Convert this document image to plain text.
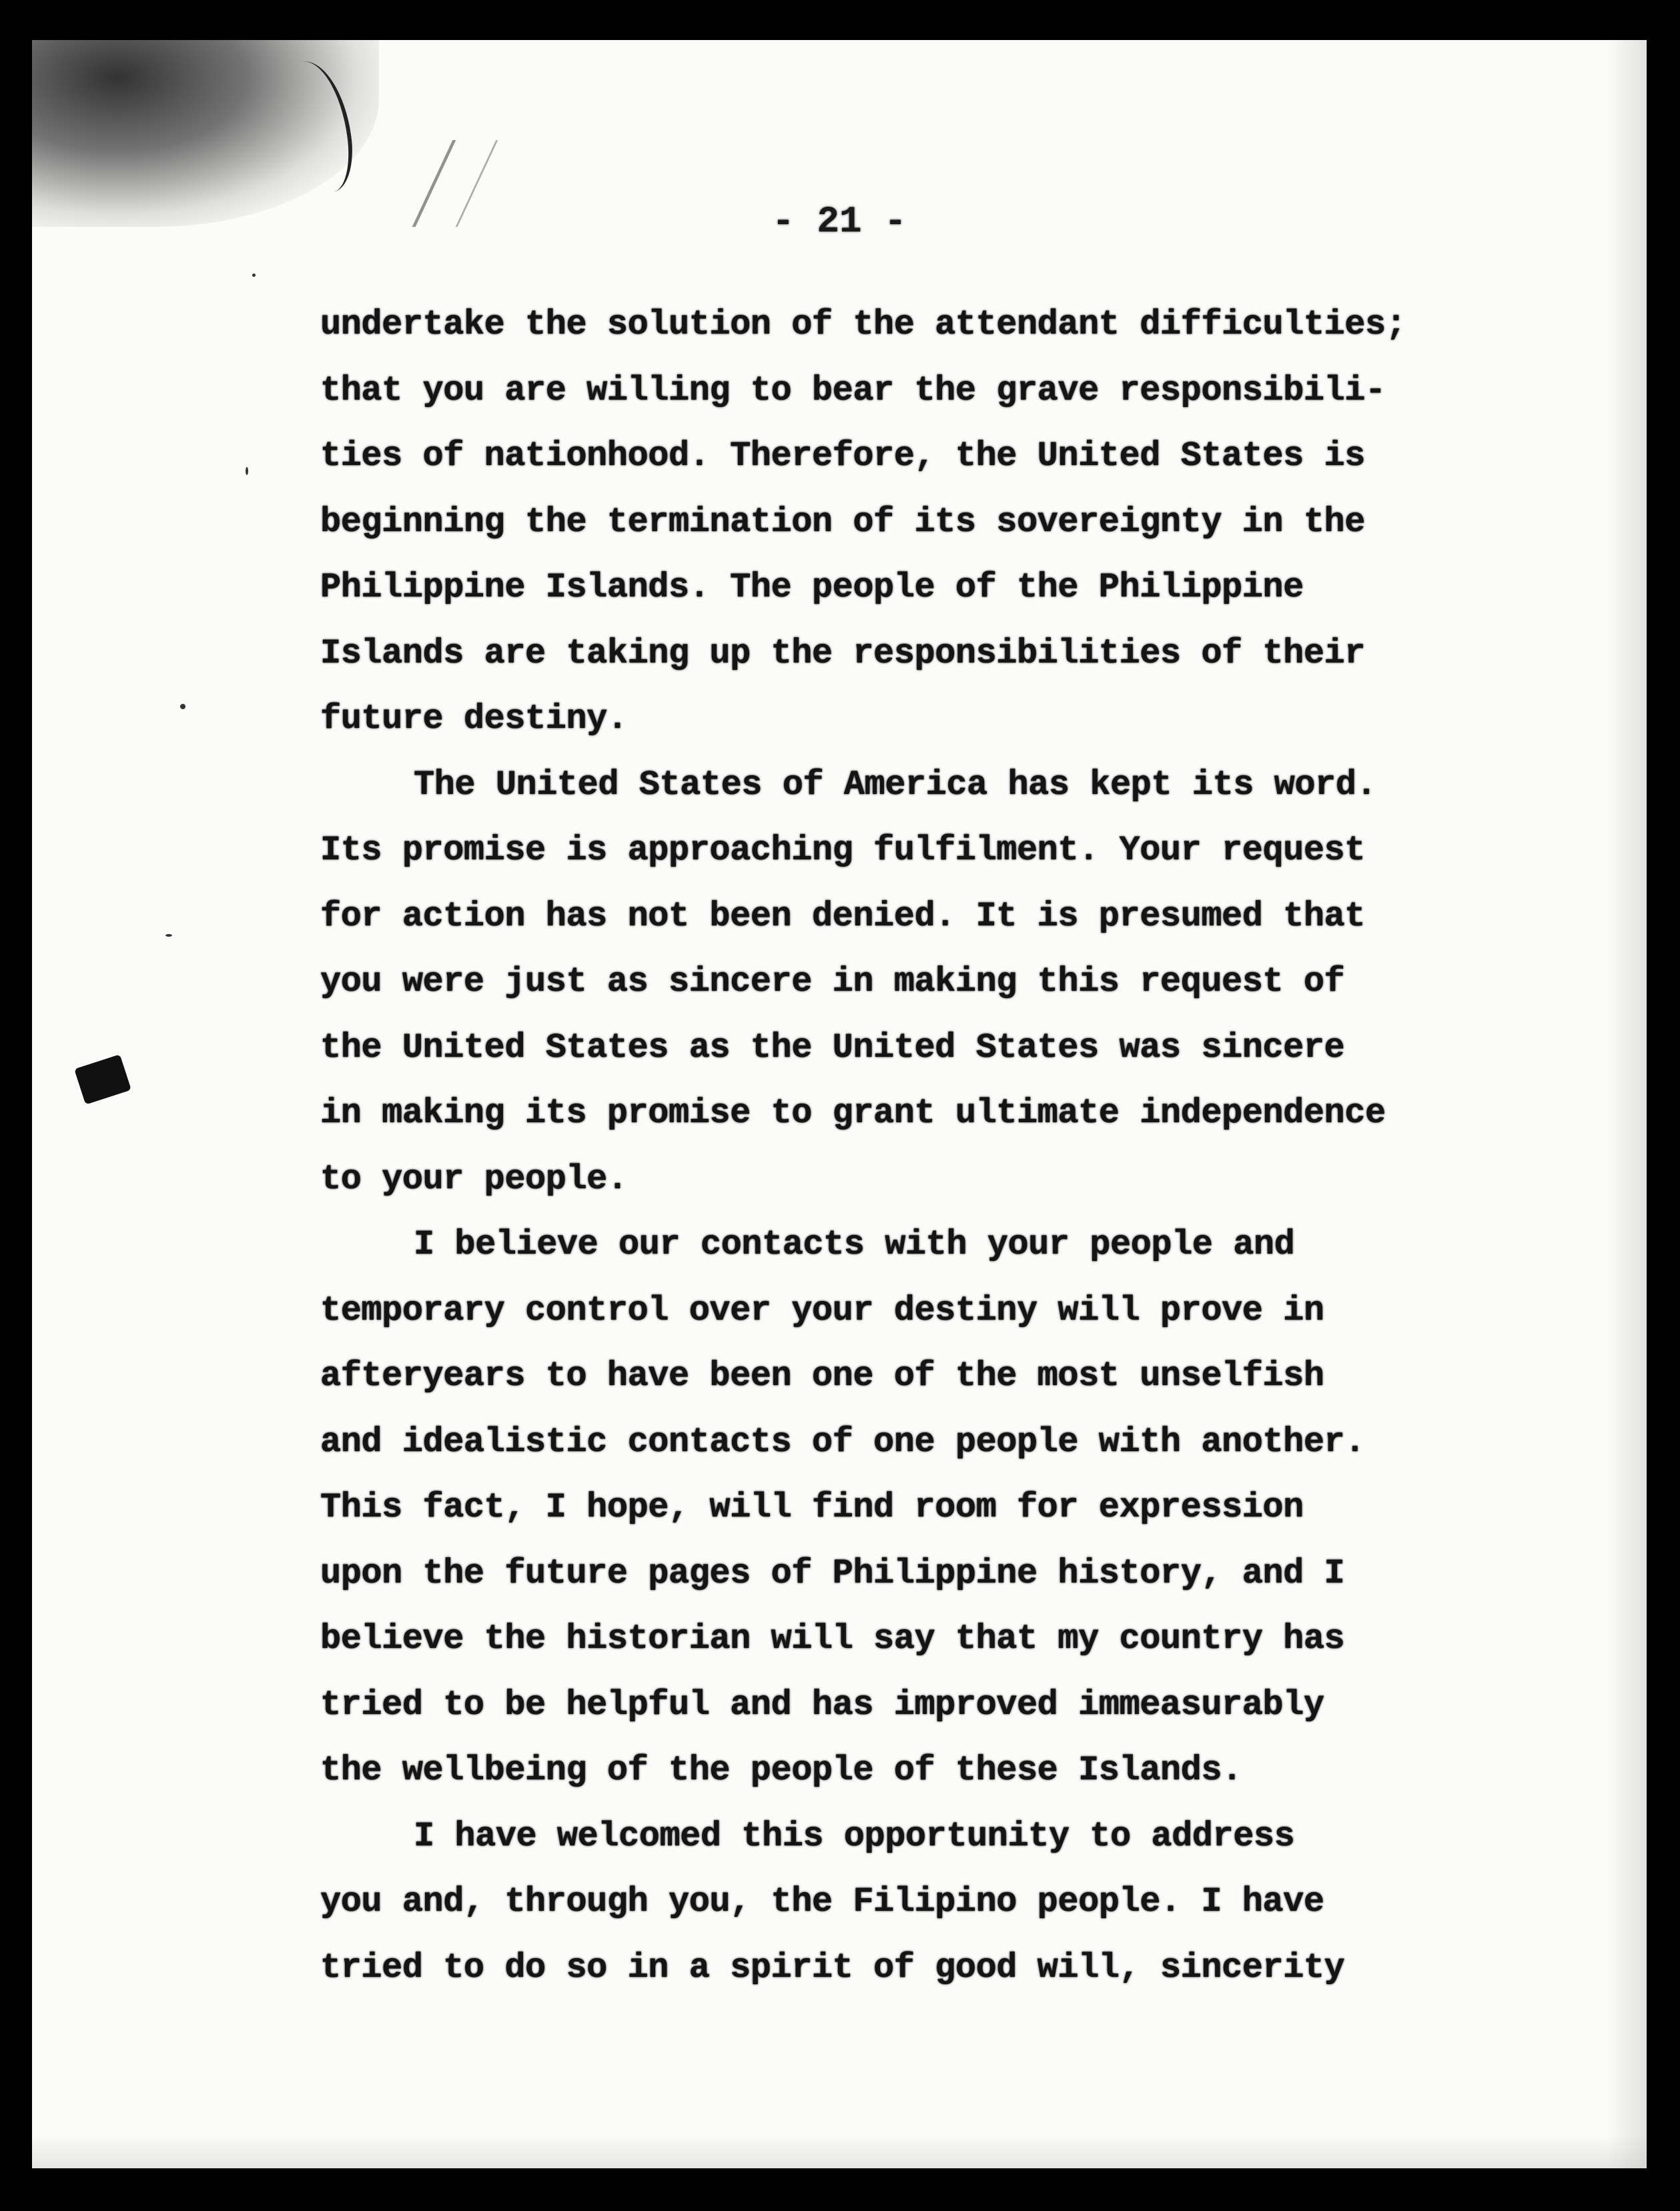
- 21 -
undertake the solution of the attendant difficulties;
that you are willing to bear the grave responsibili-
ties of nationhood. Therefore, the United States is
beginning the termination of its sovereignty in the
Philippine Islands. The people of the Philippine
Islands are taking up the responsibilities of their
future destiny.
The United States of America has kept its word.
Its promise is approaching fulfilment. Your request
for action has not been denied. It is presumed that
you were just as sincere in making this request of
the United States as the United States was sincere
in making its promise to grant ultimate independence
to your people.
I believe our contacts with your people and
temporary control over your destiny will prove in
afteryears to have been one of the most unselfish
and idealistic contacts of one people with another.
This fact, I hope, will find room for expression
upon the future pages of Philippine history, and I
believe the historian will say that my country has
tried to be helpful and has improved immeasurably
the wellbeing of the people of these Islands.
I have welcomed this opportunity to address
you and, through you, the Filipino people. I have
tried to do so in a spirit of good will, sincerity
